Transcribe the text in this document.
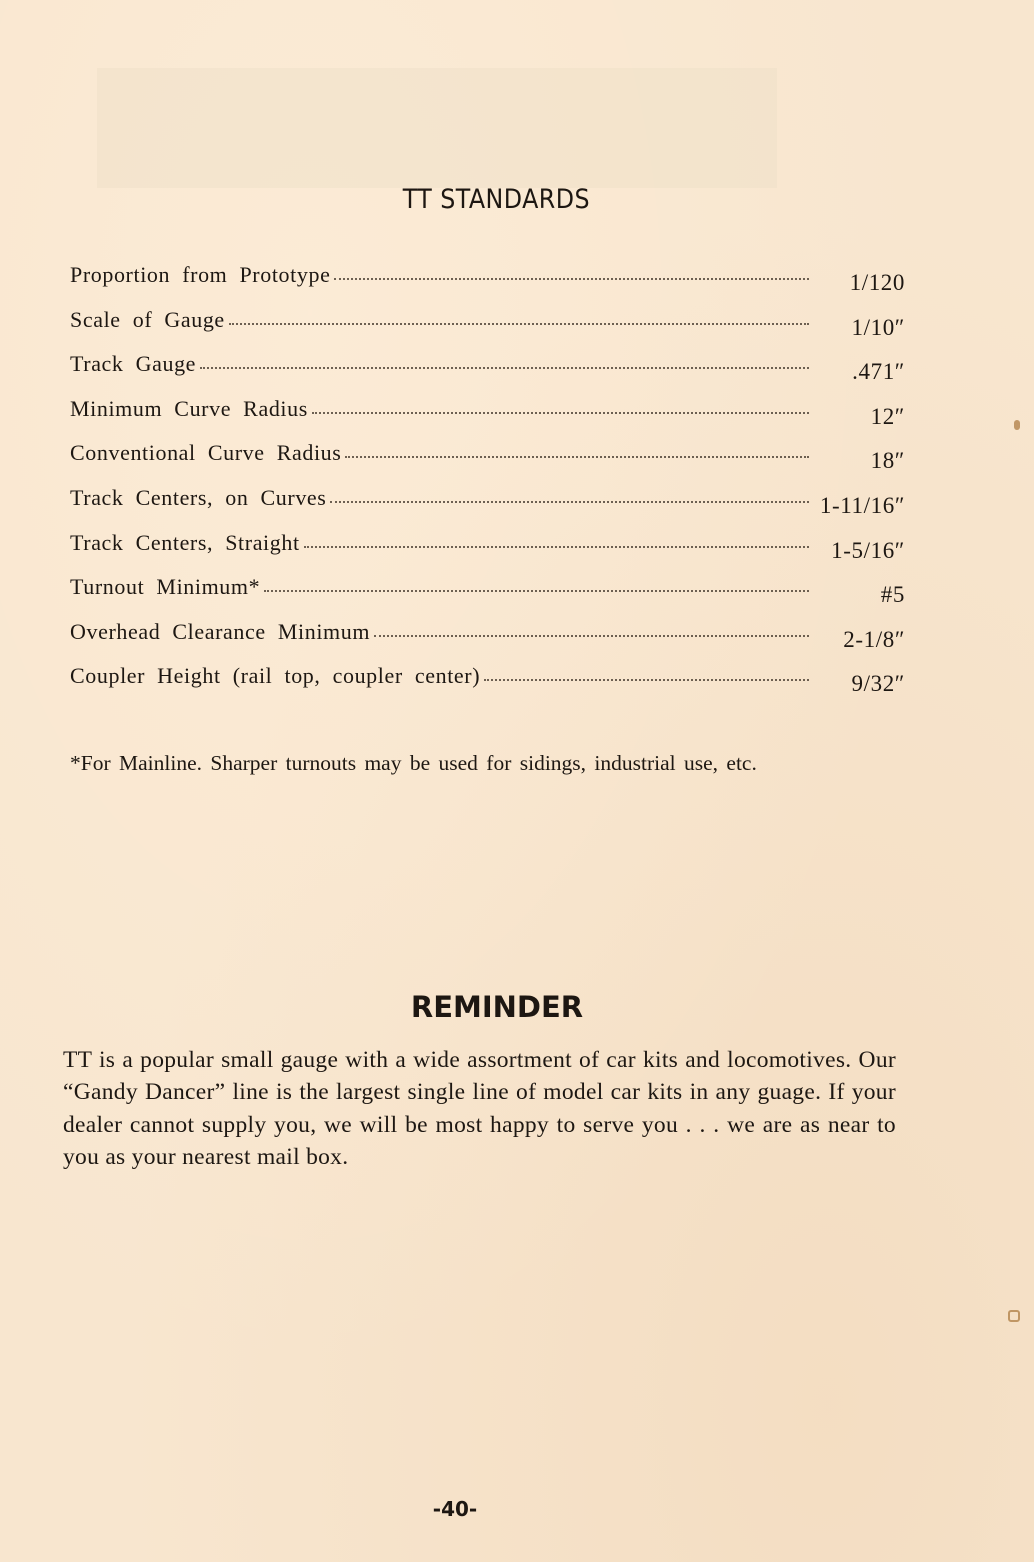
TT STANDARDS
Proportion from Prototype	1/120
Scale of Gauge	1/10″
Track Gauge	.471″
Minimum Curve Radius	12″
Conventional Curve Radius	18″
Track Centers, on Curves	1-11/16″
Track Centers, Straight	1-5/16″
Turnout Minimum*	#5
Overhead Clearance Minimum	2-1/8″
Coupler Height (rail top, coupler center)	9/32″

*For Mainline. Sharper turnouts may be used for sidings, industrial use, etc.

REMINDER

TT is a popular small gauge with a wide assortment of car kits and locomotives. Our “Gandy Dancer” line is the largest single line of model car kits in any guage. If your dealer cannot supply you, we will be most happy to serve you . . . we are as near to you as your nearest mail box.

-40-
